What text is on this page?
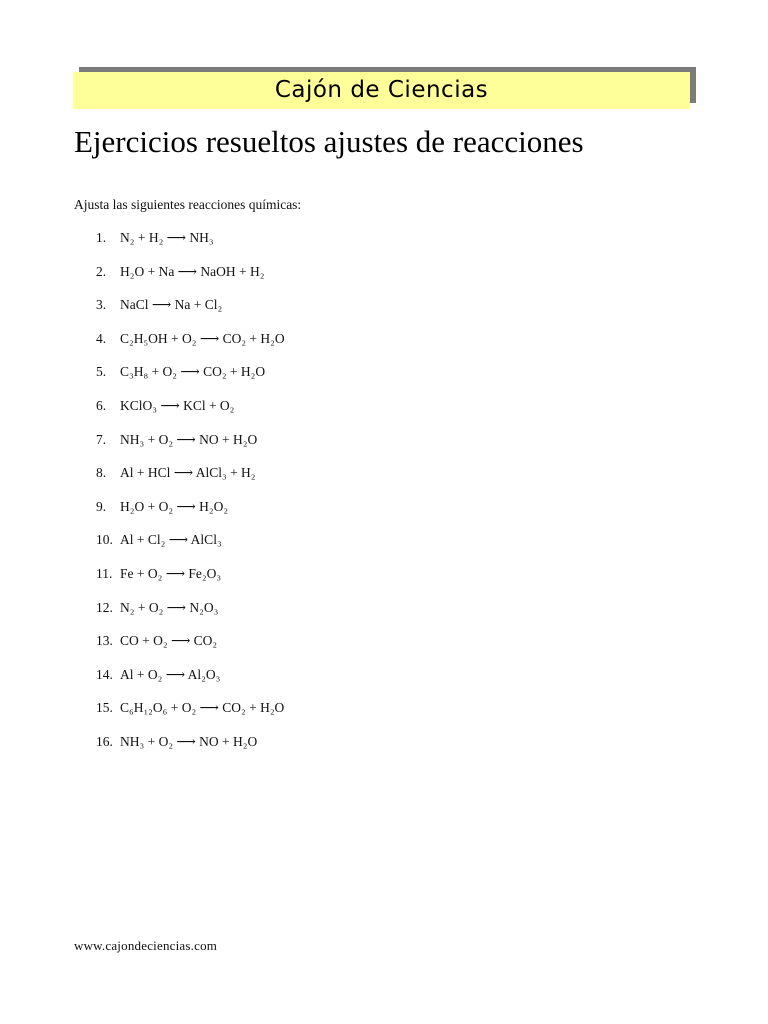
Cajón de Ciencias
Ejercicios resueltos ajustes de reacciones
Ajusta las siguientes reacciones químicas:
1.	N₂ + H₂ ⟶ NH₃
2.	H₂O + Na ⟶ NaOH + H₂
3.	NaCl ⟶ Na + Cl₂
4.	C₂H₅OH + O₂ ⟶ CO₂ + H₂O
5.	C₃H₈ + O₂ ⟶ CO₂ + H₂O
6.	KClO₃ ⟶ KCl + O₂
7.	NH₃ + O₂ ⟶ NO + H₂O
8.	Al + HCl ⟶ AlCl₃ + H₂
9.	H₂O + O₂ ⟶ H₂O₂
10. Al + Cl₂ ⟶ AlCl₃
11. Fe + O₂ ⟶ Fe₂O₃
12. N₂ + O₂ ⟶ N₂O₃
13. CO + O₂ ⟶ CO₂
14. Al + O₂ ⟶ Al₂O₃
15. C₆H₁₂O₆ + O₂ ⟶ CO₂ + H₂O
16. NH₃ + O₂ ⟶ NO + H₂O
www.cajondeciencias.com
